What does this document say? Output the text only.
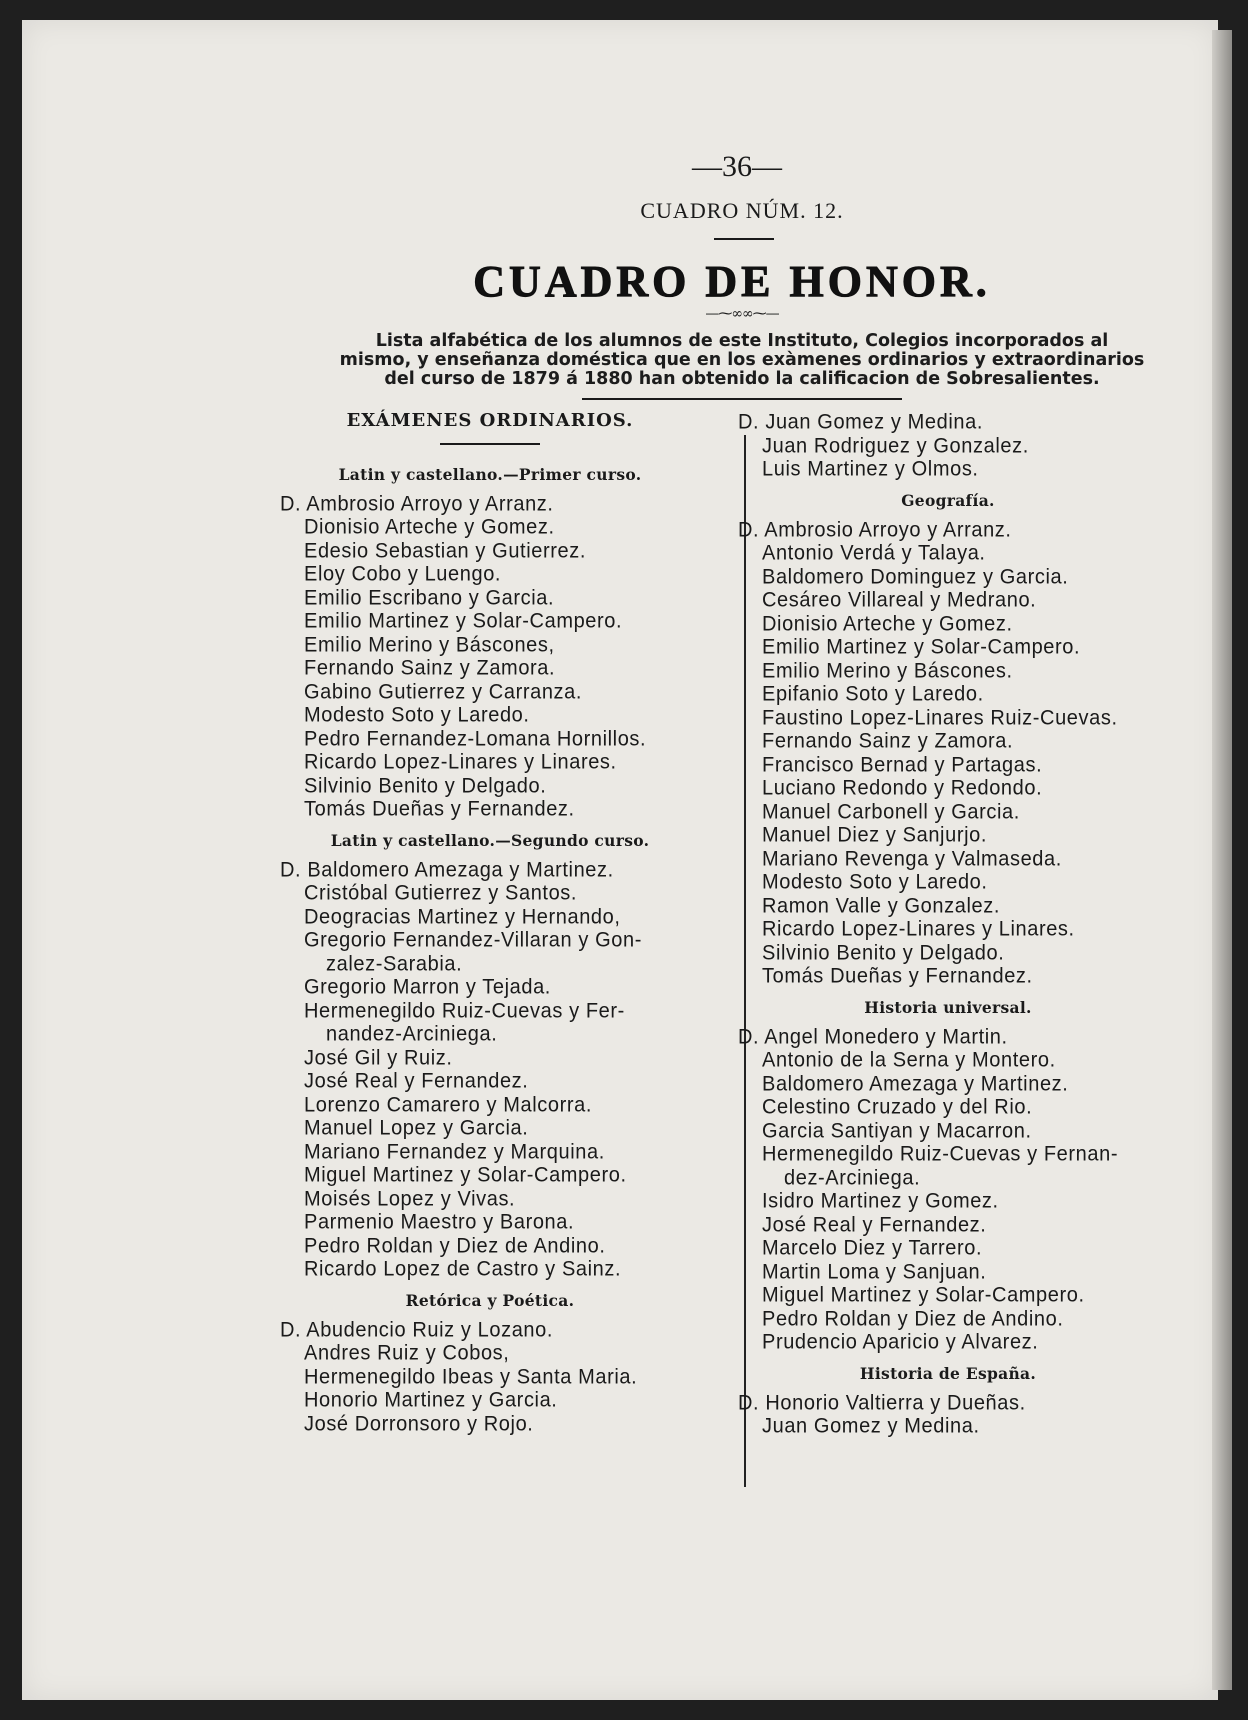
—36—
CUADRO NÚM. 12.
CUADRO DE HONOR.
—⁓∞∞⁓—
Lista alfabética de los alumnos de este Instituto, Colegios incorporados al
mismo, y enseñanza doméstica que en los exàmenes ordinarios y extraordinarios
del curso de 1879 á 1880 han obtenido la calificacion de Sobresalientes.
EXÁMENES ORDINARIOS.
Latin y castellano.—Primer curso.
D. Ambrosio Arroyo y Arranz.
Dionisio Arteche y Gomez.
Edesio Sebastian y Gutierrez.
Eloy Cobo y Luengo.
Emilio Escribano y Garcia.
Emilio Martinez y Solar-Campero.
Emilio Merino y Báscones,
Fernando Sainz y Zamora.
Gabino Gutierrez y Carranza.
Modesto Soto y Laredo.
Pedro Fernandez-Lomana Hornillos.
Ricardo Lopez-Linares y Linares.
Silvinio Benito y Delgado.
Tomás Dueñas y Fernandez.
Latin y castellano.—Segundo curso.
D. Baldomero Amezaga y Martinez.
Cristóbal Gutierrez y Santos.
Deogracias Martinez y Hernando,
Gregorio Fernandez-Villaran y Gon-
zalez-Sarabia.
Gregorio Marron y Tejada.
Hermenegildo Ruiz-Cuevas y Fer-
nandez-Arciniega.
José Gil y Ruiz.
José Real y Fernandez.
Lorenzo Camarero y Malcorra.
Manuel Lopez y Garcia.
Mariano Fernandez y Marquina.
Miguel Martinez y Solar-Campero.
Moisés Lopez y Vivas.
Parmenio Maestro y Barona.
Pedro Roldan y Diez de Andino.
Ricardo Lopez de Castro y Sainz.
Retórica y Poética.
D. Abudencio Ruiz y Lozano.
Andres Ruiz y Cobos,
Hermenegildo Ibeas y Santa Maria.
Honorio Martinez y Garcia.
José Dorronsoro y Rojo.
D. Juan Gomez y Medina.
Juan Rodriguez y Gonzalez.
Luis Martinez y Olmos.
Geografía.
D. Ambrosio Arroyo y Arranz.
Antonio Verdá y Talaya.
Baldomero Dominguez y Garcia.
Cesáreo Villareal y Medrano.
Dionisio Arteche y Gomez.
Emilio Martinez y Solar-Campero.
Emilio Merino y Báscones.
Epifanio Soto y Laredo.
Faustino Lopez-Linares Ruiz-Cuevas.
Fernando Sainz y Zamora.
Francisco Bernad y Partagas.
Luciano Redondo y Redondo.
Manuel Carbonell y Garcia.
Manuel Diez y Sanjurjo.
Mariano Revenga y Valmaseda.
Modesto Soto y Laredo.
Ramon Valle y Gonzalez.
Ricardo Lopez-Linares y Linares.
Silvinio Benito y Delgado.
Tomás Dueñas y Fernandez.
Historia universal.
D. Angel Monedero y Martin.
Antonio de la Serna y Montero.
Baldomero Amezaga y Martinez.
Celestino Cruzado y del Rio.
Garcia Santiyan y Macarron.
Hermenegildo Ruiz-Cuevas y Fernan-
dez-Arciniega.
Isidro Martinez y Gomez.
José Real y Fernandez.
Marcelo Diez y Tarrero.
Martin Loma y Sanjuan.
Miguel Martinez y Solar-Campero.
Pedro Roldan y Diez de Andino.
Prudencio Aparicio y Alvarez.
Historia de España.
D. Honorio Valtierra y Dueñas.
Juan Gomez y Medina.
